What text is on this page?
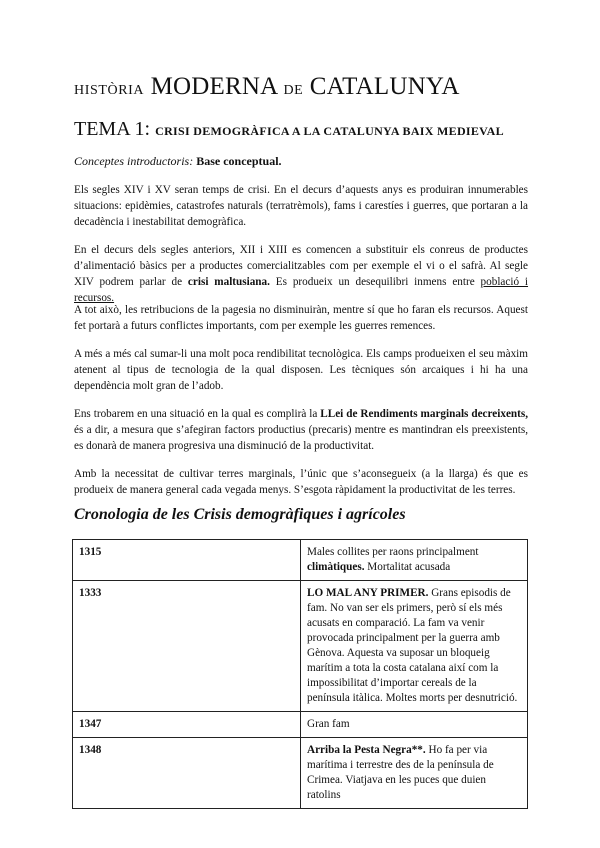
HISTÒRIA MODERNA DE CATALUNYA
TEMA 1: CRISI DEMOGRÀFICA A LA CATALUNYA BAIX MEDIEVAL
Conceptes introductoris: Base conceptual.

Els segles XIV i XV seran temps de crisi. En el decurs d’aquests anys es produiran innumerables situacions: epidèmies, catastrofes naturals (terratrèmols), fams i carestíes i guerres, que portaran a la decadència i inestabilitat demogràfica.

En el decurs dels segles anteriors, XII i XIII es comencen a substituir els conreus de productes d’alimentació bàsics per a productes comercialitzables com per exemple el vi o el safrà. Al segle XIV podrem parlar de crisi maltusiana. Es produeix un desequilibri inmens entre població i recursos.

A tot això, les retribucions de la pagesia no disminuiràn, mentre sí que ho faran els recursos. Aquest fet portarà a futurs conflictes importants, com per exemple les guerres remences.

A més a més cal sumar-li una molt poca rendibilitat tecnològica. Els camps produeixen el seu màxim atenent al tipus de tecnologia de la qual disposen. Les tècniques són arcaiques i hi ha una dependència molt gran de l’adob.

Ens trobarem en una situació en la qual es complirà la LLei de Rendiments marginals decreixents, és a dir, a mesura que s’afegiran factors productius (precaris) mentre es mantindran els preexistents, es donarà de manera progresiva una disminució de la productivitat.

Amb la necessitat de cultivar terres marginals, l’únic que s’aconsegueix (a la llarga) és que es produeix de manera general cada vegada menys. S’esgota ràpidament la productivitat de les terres.

Cronologia de les Crisis demogràfiques i agrícoles
1315	Males collites per raons principalment climàtiques. Mortalitat acusada
1333	LO MAL ANY PRIMER. Grans episodis de fam. No van ser els primers, però sí els més acusats en comparació. La fam va venir provocada principalment per la guerra amb Gènova. Aquesta va suposar un bloqueig marítim a tota la costa catalana així com la impossibilitat d’importar cereals de la península itàlica. Moltes morts per desnutrició.
1347	Gran fam
1348	Arriba la Pesta Negra**. Ho fa per via marítima i terrestre des de la península de Crimea. Viatjava en les puces que duien ratolins
